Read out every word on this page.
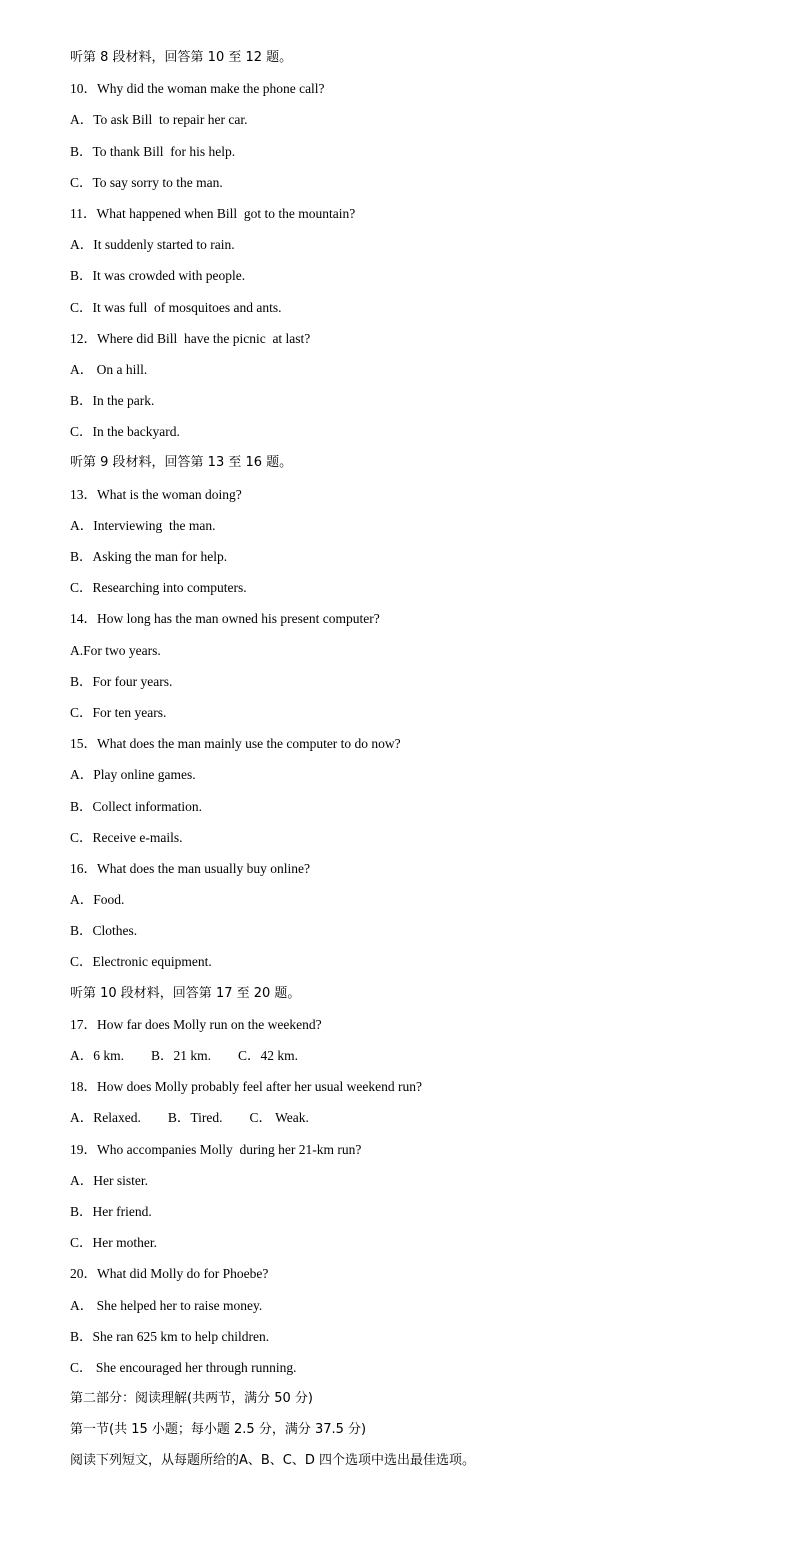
听第 8 段材料，回答第 10 至 12 题。
10．Why did the woman make the phone call?
A．To ask Bill  to repair her car.
B．To thank Bill  for his help.
C．To say sorry to the man.
11．What happened when Bill  got to the mountain?
A．It suddenly started to rain.
B．It was crowded with people.
C．It was full  of mosquitoes and ants.
12．Where did Bill  have the picnic  at last?
A． On a hill.
B．In the park.
C．In the backyard.
听第 9 段材料，回答第 13 至 16 题。
13．What is the woman doing?
A．Interviewing  the man.
B．Asking the man for help.
C．Researching into computers.
14．How long has the man owned his present computer?
A.For two years.
B．For four years.
C．For ten years.
15．What does the man mainly use the computer to do now?
A．Play online games.
B．Collect information.
C．Receive e-mails.
16．What does the man usually buy online?
A．Food.
B．Clothes.
C．Electronic equipment.
听第 10 段材料，回答第 17 至 20 题。
17．How far does Molly run on the weekend?
A．6 km.        B．21 km.        C．42 km.
18．How does Molly probably feel after her usual weekend run?
A．Relaxed.        B．Tired.        C． Weak.
19．Who accompanies Molly  during her 21-km run?
A．Her sister.
B．Her friend.
C．Her mother.
20．What did Molly do for Phoebe?
A． She helped her to raise money.
B．She ran 625 km to help children.
C． She encouraged her through running.
第二部分：阅读理解(共两节，满分 50 分)
第一节(共 15 小题；每小题 2.5 分，满分 37.5 分)
阅读下列短文，从每题所给的A、B、C、D 四个选项中选出最佳选项。
